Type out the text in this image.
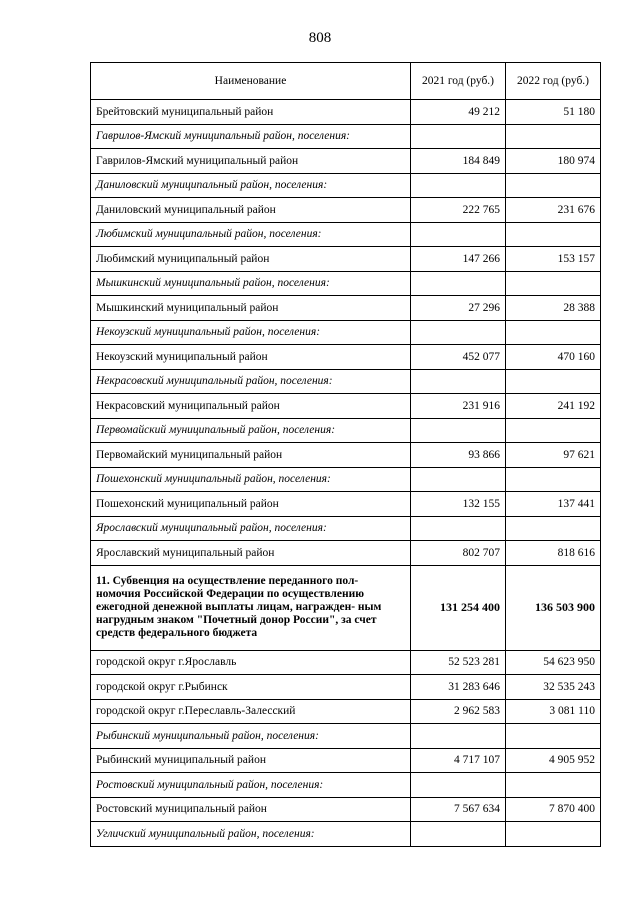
808
Наименование	2021 год (руб.)	2022 год (руб.)
Брейтовский муниципальный район	49 212	51 180
Гаврилов-Ямский муниципальный район, поселения:		
Гаврилов-Ямский муниципальный район	184 849	180 974
Даниловский муниципальный район, поселения:		
Даниловский муниципальный район	222 765	231 676
Любимский муниципальный район, поселения:		
Любимский муниципальный район	147 266	153 157
Мышкинский муниципальный район, поселения:		
Мышкинский муниципальный район	27 296	28 388
Некоузский муниципальный район, поселения:		
Некоузский муниципальный район	452 077	470 160
Некрасовский муниципальный район, поселения:		
Некрасовский муниципальный район	231 916	241 192
Первомайский муниципальный район, поселения:		
Первомайский муниципальный район	93 866	97 621
Пошехонский муниципальный район, поселения:		
Пошехонский муниципальный район	132 155	137 441
Ярославский муниципальный район, поселения:		
Ярославский муниципальный район	802 707	818 616
11. Субвенция на осуществление переданного пол- номочия Российской Федерации по осуществлению ежегодной денежной выплаты лицам, награжден- ным нагрудным знаком "Почетный донор России", за счет средств федерального бюджета	131 254 400	136 503 900
городской округ г.Ярославль	52 523 281	54 623 950
городской округ г.Рыбинск	31 283 646	32 535 243
городской округ г.Переславль-Залесский	2 962 583	3 081 110
Рыбинский муниципальный район, поселения:		
Рыбинский муниципальный район	4 717 107	4 905 952
Ростовский муниципальный район, поселения:		
Ростовский муниципальный район	7 567 634	7 870 400
Угличский муниципальный район, поселения:		
